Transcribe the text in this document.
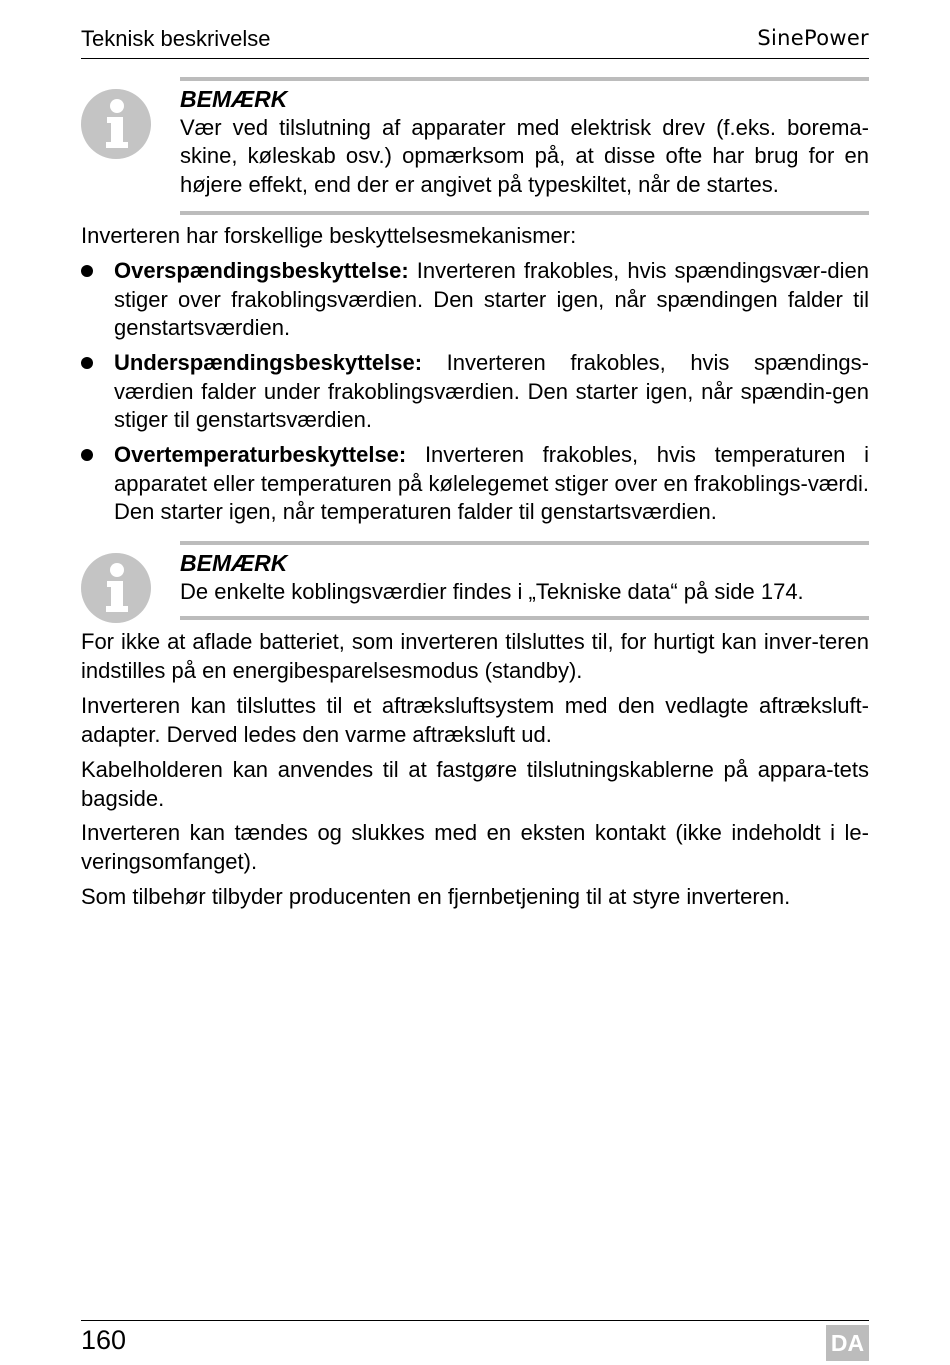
Teknisk beskrivelse	SinePower
BEMÆRK
Vær ved tilslutning af apparater med elektrisk drev (f.eks. borema-skine, køleskab osv.) opmærksom på, at disse ofte har brug for en højere effekt, end der er angivet på typeskiltet, når de startes.
Inverteren har forskellige beskyttelsesmekanismer:
Overspændingsbeskyttelse: Inverteren frakobles, hvis spændingsvær-dien stiger over frakoblingsværdien. Den starter igen, når spændingen falder til genstartsværdien.
Underspændingsbeskyttelse: Inverteren frakobles, hvis spændings-værdien falder under frakoblingsværdien. Den starter igen, når spændin-gen stiger til genstartsværdien.
Overtemperaturbeskyttelse: Inverteren frakobles, hvis temperaturen i apparatet eller temperaturen på kølelegemet stiger over en frakoblings-værdi. Den starter igen, når temperaturen falder til genstartsværdien.
BEMÆRK
De enkelte koblingsværdier findes i „Tekniske data“ på side 174.
For ikke at aflade batteriet, som inverteren tilsluttes til, for hurtigt kan inver-teren indstilles på en energibesparelsesmodus (standby).
Inverteren kan tilsluttes til et aftræksluftsystem med den vedlagte aftræksluft-adapter. Derved ledes den varme aftræksluft ud.
Kabelholderen kan anvendes til at fastgøre tilslutningskablerne på appara-tets bagside.
Inverteren kan tændes og slukkes med en eksten kontakt (ikke indeholdt i le-veringsomfanget).
Som tilbehør tilbyder producenten en fjernbetjening til at styre inverteren.
160	DA
